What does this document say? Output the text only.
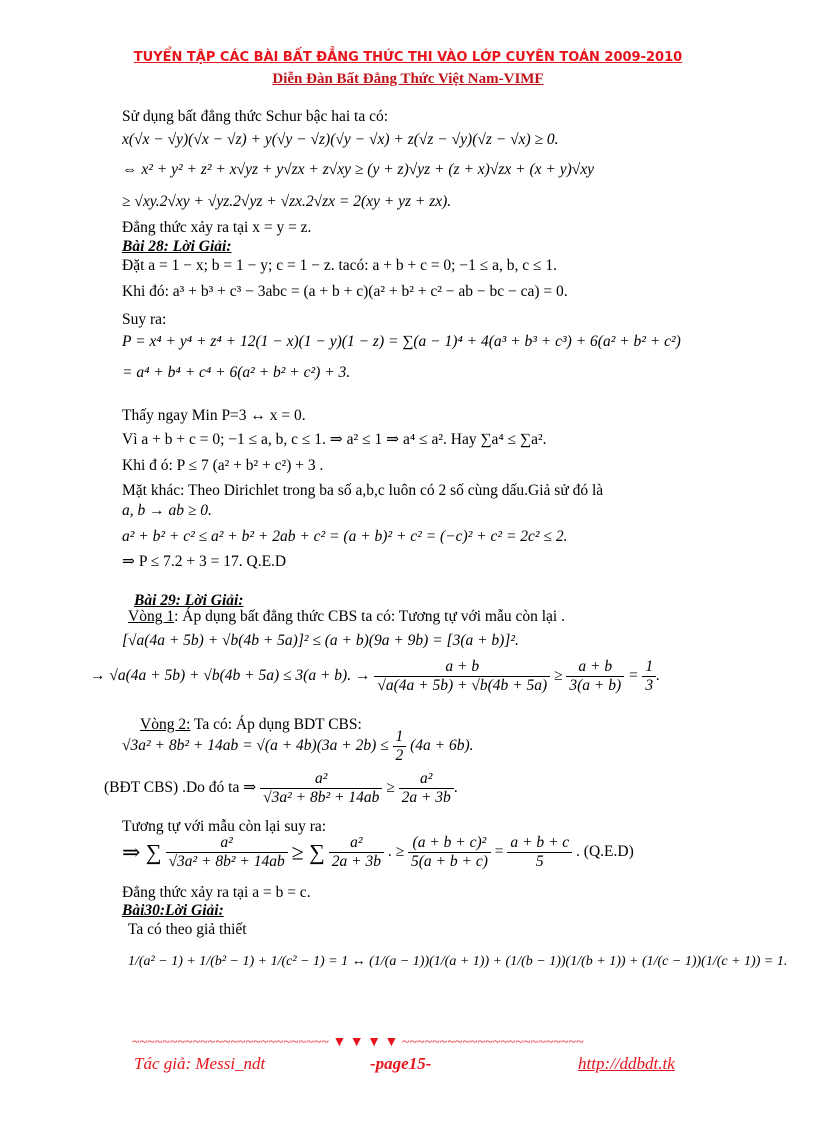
TUYỂN TẬP CÁC BÀI BẤT ĐẲNG THỨC THI VÀO LỚP CUYÊN TOÁN 2009-2010
Diễn Đàn Bất Đẳng Thức Việt Nam-VIMF
Sử dụng bất đẳng thức Schur bậc hai ta có:
x(√x − √y)(√x − √z) + y(√y − √z)(√y − √x) + z(√z − √y)(√z − √x) ≥ 0.
⇔ x² + y² + z² + x√yz + y√zx + z√xy ≥ (y + z)√yz + (z + x)√zx + (x + y)√xy
≥ √xy.2√xy + √yz.2√yz + √zx.2√zx = 2(xy + yz + zx).
Đẳng thức xảy ra tại x = y = z.
Bài 28: Lời Giải:
Đặt a = 1 − x; b = 1 − y; c = 1 − z. tacó: a + b + c = 0; −1 ≤ a, b, c ≤ 1.
Khi đó: a³ + b³ + c³ − 3abc = (a + b + c)(a² + b² + c² − ab − bc − ca) = 0.
Suy ra:
P = x⁴ + y⁴ + z⁴ + 12(1 − x)(1 − y)(1 − z) = ∑(a − 1)⁴ + 4(a³ + b³ + c³) + 6(a² + b² + c²)
= a⁴ + b⁴ + c⁴ + 6(a² + b² + c²) + 3.
Thấy ngay Min P=3 ↔ x = 0.
Vì a + b + c = 0; −1 ≤ a, b, c ≤ 1. ⇒ a² ≤ 1 ⇒ a⁴ ≤ a². Hay ∑a⁴ ≤ ∑a².
Khi đ ó: P ≤ 7 (a² + b² + c²) + 3 .
Mặt khác: Theo Dirichlet trong ba số a,b,c luôn có 2 số cùng dấu.Giả sử đó là
a, b → ab ≥ 0.
a² + b² + c² ≤ a² + b² + 2ab + c² = (a + b)² + c² = (−c)² + c² = 2c² ≤ 2.
⇒ P ≤ 7.2 + 3 = 17. Q.E.D
Bài 29: Lời Giải:
Vòng 1: Áp dụng bất đẳng thức CBS ta có: Tương tự với mẫu còn lại .
[√a(4a + 5b) + √b(4b + 5a)]² ≤ (a + b)(9a + 9b) = [3(a + b)]².
→ √a(4a + 5b) + √b(4b + 5a) ≤ 3(a + b). → $\frac{a + b}{√a(4a + 5b) + √b(4b + 5a)} \ge \frac{a + b}{3(a + b)} = \frac{1}{3}$ .
Vòng 2: Ta có: Áp dụng BDT CBS:
$√3a^2 + 8b^2 + 14ab = √(a + 4b)(3a + 2b) \le \frac{1}{2} (4a + 6b)$.
(BĐT CBS) .Do đó ta ⇒ $\frac{\text{a²}}{\text{√3a² + 8b² + 14ab}} \ge \frac{\text{a²}}{2a + 3b}$ .
Tương tự với mẫu còn lại suy ra:
⇒ ∑ $\frac{\text{a²}}{\text{√3a² + 8b² + 14ab}}$ ≥ ∑ $\frac{\text{a²}}{2a + 3b}$ . ≥ $\frac{\text{(a + b + c)²}}{5(a + b + c)} = \frac{a + b + c}{5}$ . (Q.E.D)
Đẳng thức xảy ra tại a = b = c.
Bài30:Lời Giải:
Ta có theo giả thiết
1/(a² − 1) + 1/(b² − 1) + 1/(c² − 1) = 1 ↔ (1/(a − 1))(1/(a + 1)) + (1/(b − 1))(1/(b + 1)) + (1/(c − 1))(1/(c + 1)) = 1.
~~~~~~~~~~~~~~~~~~~~~~~~~~ ▼ ▼ ▼ ▼ ~~~~~~~~~~~~~~~~~~~~~~~~
Tác giả: Messi_ndt	-page15-	http://ddbdt.tk
